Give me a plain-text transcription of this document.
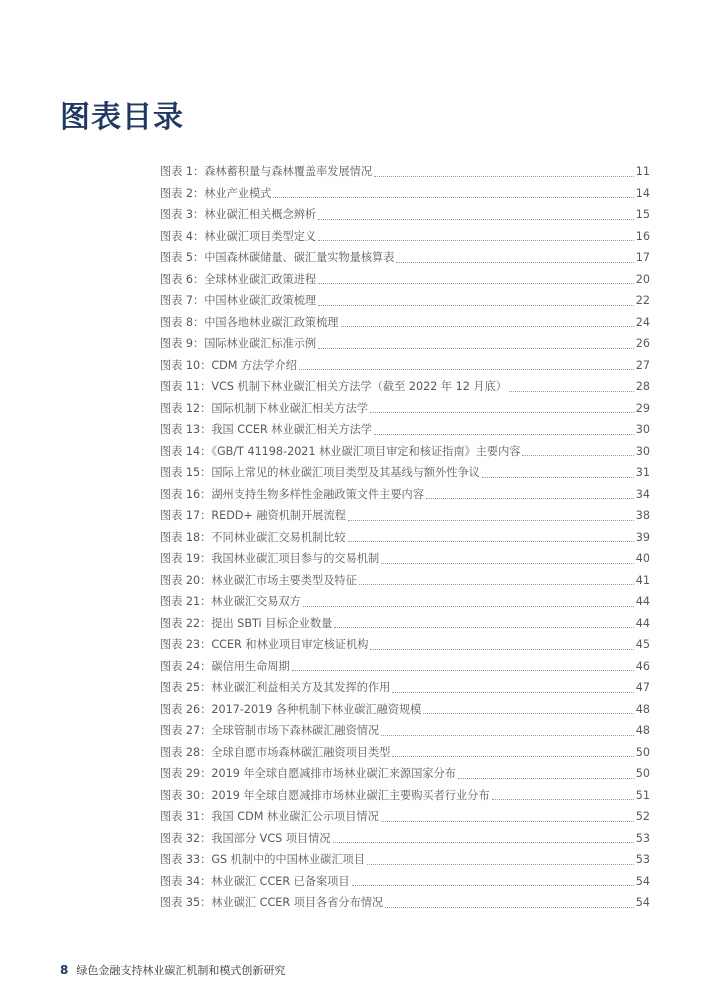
图表目录
图表 1：森林蓄积量与森林覆盖率发展情况	11
图表 2：林业产业模式	14
图表 3：林业碳汇相关概念辨析	15
图表 4：林业碳汇项目类型定义	16
图表 5：中国森林碳储量、碳汇量实物量核算表	17
图表 6：全球林业碳汇政策进程	20
图表 7：中国林业碳汇政策梳理	22
图表 8：中国各地林业碳汇政策梳理	24
图表 9：国际林业碳汇标准示例	26
图表 10：CDM 方法学介绍	27
图表 11：VCS 机制下林业碳汇相关方法学（截至 2022 年 12 月底）	28
图表 12：国际机制下林业碳汇相关方法学	29
图表 13：我国 CCER 林业碳汇相关方法学	30
图表 14：《GB/T 41198-2021 林业碳汇项目审定和核证指南》主要内容	30
图表 15：国际上常见的林业碳汇项目类型及其基线与额外性争议	31
图表 16：湖州支持生物多样性金融政策文件主要内容	34
图表 17：REDD+ 融资机制开展流程	38
图表 18：不同林业碳汇交易机制比较	39
图表 19：我国林业碳汇项目参与的交易机制	40
图表 20：林业碳汇市场主要类型及特征	41
图表 21：林业碳汇交易双方	44
图表 22：提出 SBTi 目标企业数量	44
图表 23：CCER 和林业项目审定核证机构	45
图表 24：碳信用生命周期	46
图表 25：林业碳汇利益相关方及其发挥的作用	47
图表 26：2017-2019 各种机制下林业碳汇融资规模	48
图表 27：全球管制市场下森林碳汇融资情况	48
图表 28：全球自愿市场森林碳汇融资项目类型	50
图表 29：2019 年全球自愿减排市场林业碳汇来源国家分布	50
图表 30：2019 年全球自愿减排市场林业碳汇主要购买者行业分布	51
图表 31：我国 CDM 林业碳汇公示项目情况	52
图表 32：我国部分 VCS 项目情况	53
图表 33：GS 机制中的中国林业碳汇项目	53
图表 34：林业碳汇 CCER 已备案项目	54
图表 35：林业碳汇 CCER 项目各省分布情况	54
8 绿色金融支持林业碳汇机制和模式创新研究
